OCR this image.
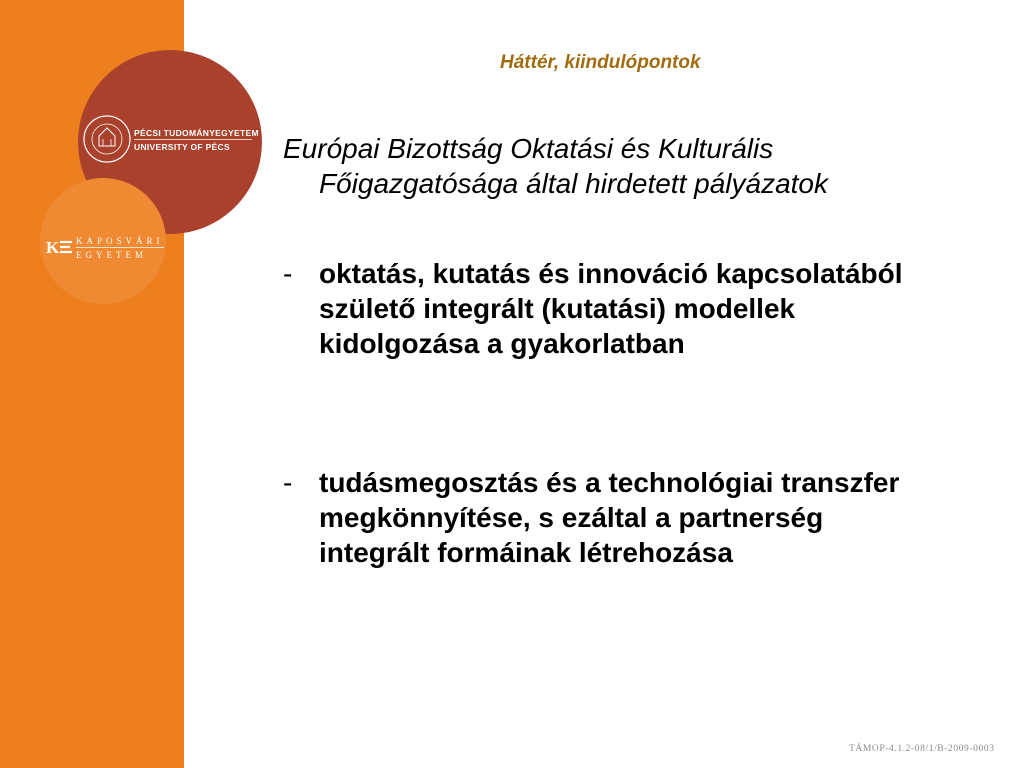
PÉCSI TUDOMÁNYEGYETEM
UNIVERSITY OF PÉCS
K KAPOSVÁRI
EGYETEM
Háttér, kiindulópontok
Európai Bizottság Oktatási és Kulturális
Főigazgatósága által hirdetett pályázatok
- oktatás, kutatás és innováció kapcsolatából születő integrált (kutatási) modellek kidolgozása a gyakorlatban
- tudásmegosztás és a technológiai transzfer megkönnyítése, s ezáltal a partnerség integrált formáinak létrehozása
TÁMOP-4.1.2-08/1/B-2009-0003
